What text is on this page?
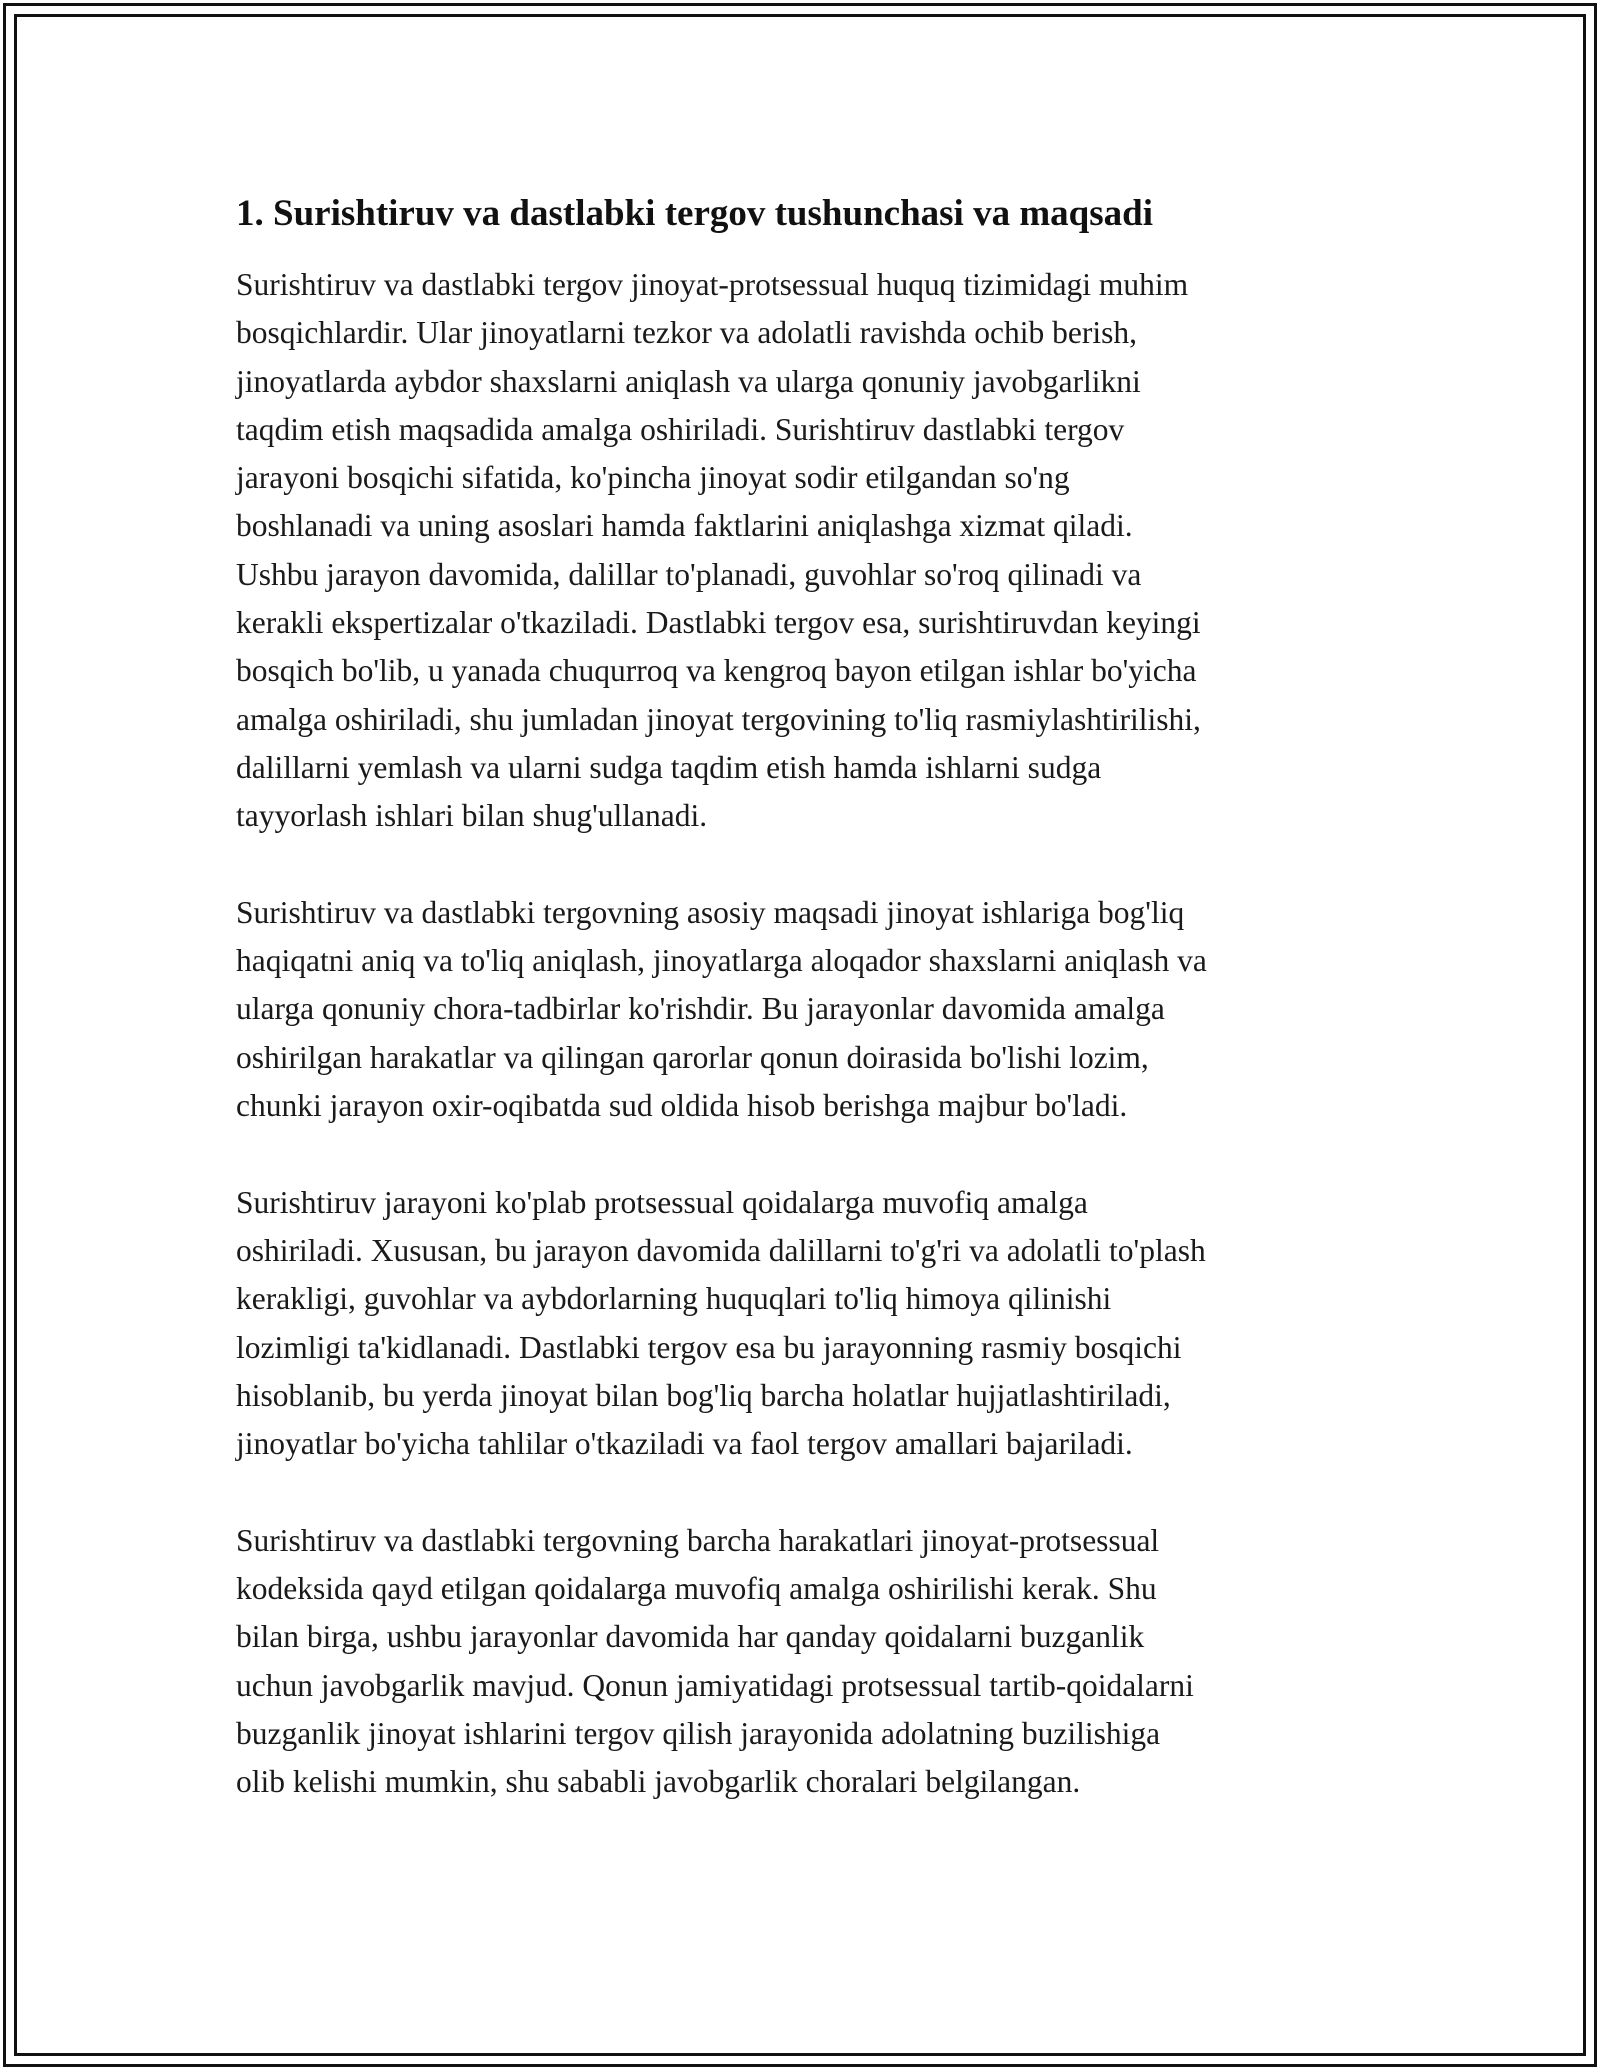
1. Surishtiruv va dastlabki tergov tushunchasi va maqsadi

Surishtiruv va dastlabki tergov jinoyat-protsessual huquq tizimidagi muhim
bosqichlardir. Ular jinoyatlarni tezkor va adolatli ravishda ochib berish,
jinoyatlarda aybdor shaxslarni aniqlash va ularga qonuniy javobgarlikni
taqdim etish maqsadida amalga oshiriladi. Surishtiruv dastlabki tergov
jarayoni bosqichi sifatida, ko'pincha jinoyat sodir etilgandan so'ng
boshlanadi va uning asoslari hamda faktlarini aniqlashga xizmat qiladi.
Ushbu jarayon davomida, dalillar to'planadi, guvohlar so'roq qilinadi va
kerakli ekspertizalar o'tkaziladi. Dastlabki tergov esa, surishtiruvdan keyingi
bosqich bo'lib, u yanada chuqurroq va kengroq bayon etilgan ishlar bo'yicha
amalga oshiriladi, shu jumladan jinoyat tergovining to'liq rasmiylashtirilishi,
dalillarni yemlash va ularni sudga taqdim etish hamda ishlarni sudga
tayyorlash ishlari bilan shug'ullanadi.

Surishtiruv va dastlabki tergovning asosiy maqsadi jinoyat ishlariga bog'liq
haqiqatni aniq va to'liq aniqlash, jinoyatlarga aloqador shaxslarni aniqlash va
ularga qonuniy chora-tadbirlar ko'rishdir. Bu jarayonlar davomida amalga
oshirilgan harakatlar va qilingan qarorlar qonun doirasida bo'lishi lozim,
chunki jarayon oxir-oqibatda sud oldida hisob berishga majbur bo'ladi.

Surishtiruv jarayoni ko'plab protsessual qoidalarga muvofiq amalga
oshiriladi. Xususan, bu jarayon davomida dalillarni to'g'ri va adolatli to'plash
kerakligi, guvohlar va aybdorlarning huquqlari to'liq himoya qilinishi
lozimligi ta'kidlanadi. Dastlabki tergov esa bu jarayonning rasmiy bosqichi
hisoblanib, bu yerda jinoyat bilan bog'liq barcha holatlar hujjatlashtiriladi,
jinoyatlar bo'yicha tahlilar o'tkaziladi va faol tergov amallari bajariladi.

Surishtiruv va dastlabki tergovning barcha harakatlari jinoyat-protsessual
kodeksida qayd etilgan qoidalarga muvofiq amalga oshirilishi kerak. Shu
bilan birga, ushbu jarayonlar davomida har qanday qoidalarni buzganlik
uchun javobgarlik mavjud. Qonun jamiyatidagi protsessual tartib-qoidalarni
buzganlik jinoyat ishlarini tergov qilish jarayonida adolatning buzilishiga
olib kelishi mumkin, shu sababli javobgarlik choralari belgilangan.
